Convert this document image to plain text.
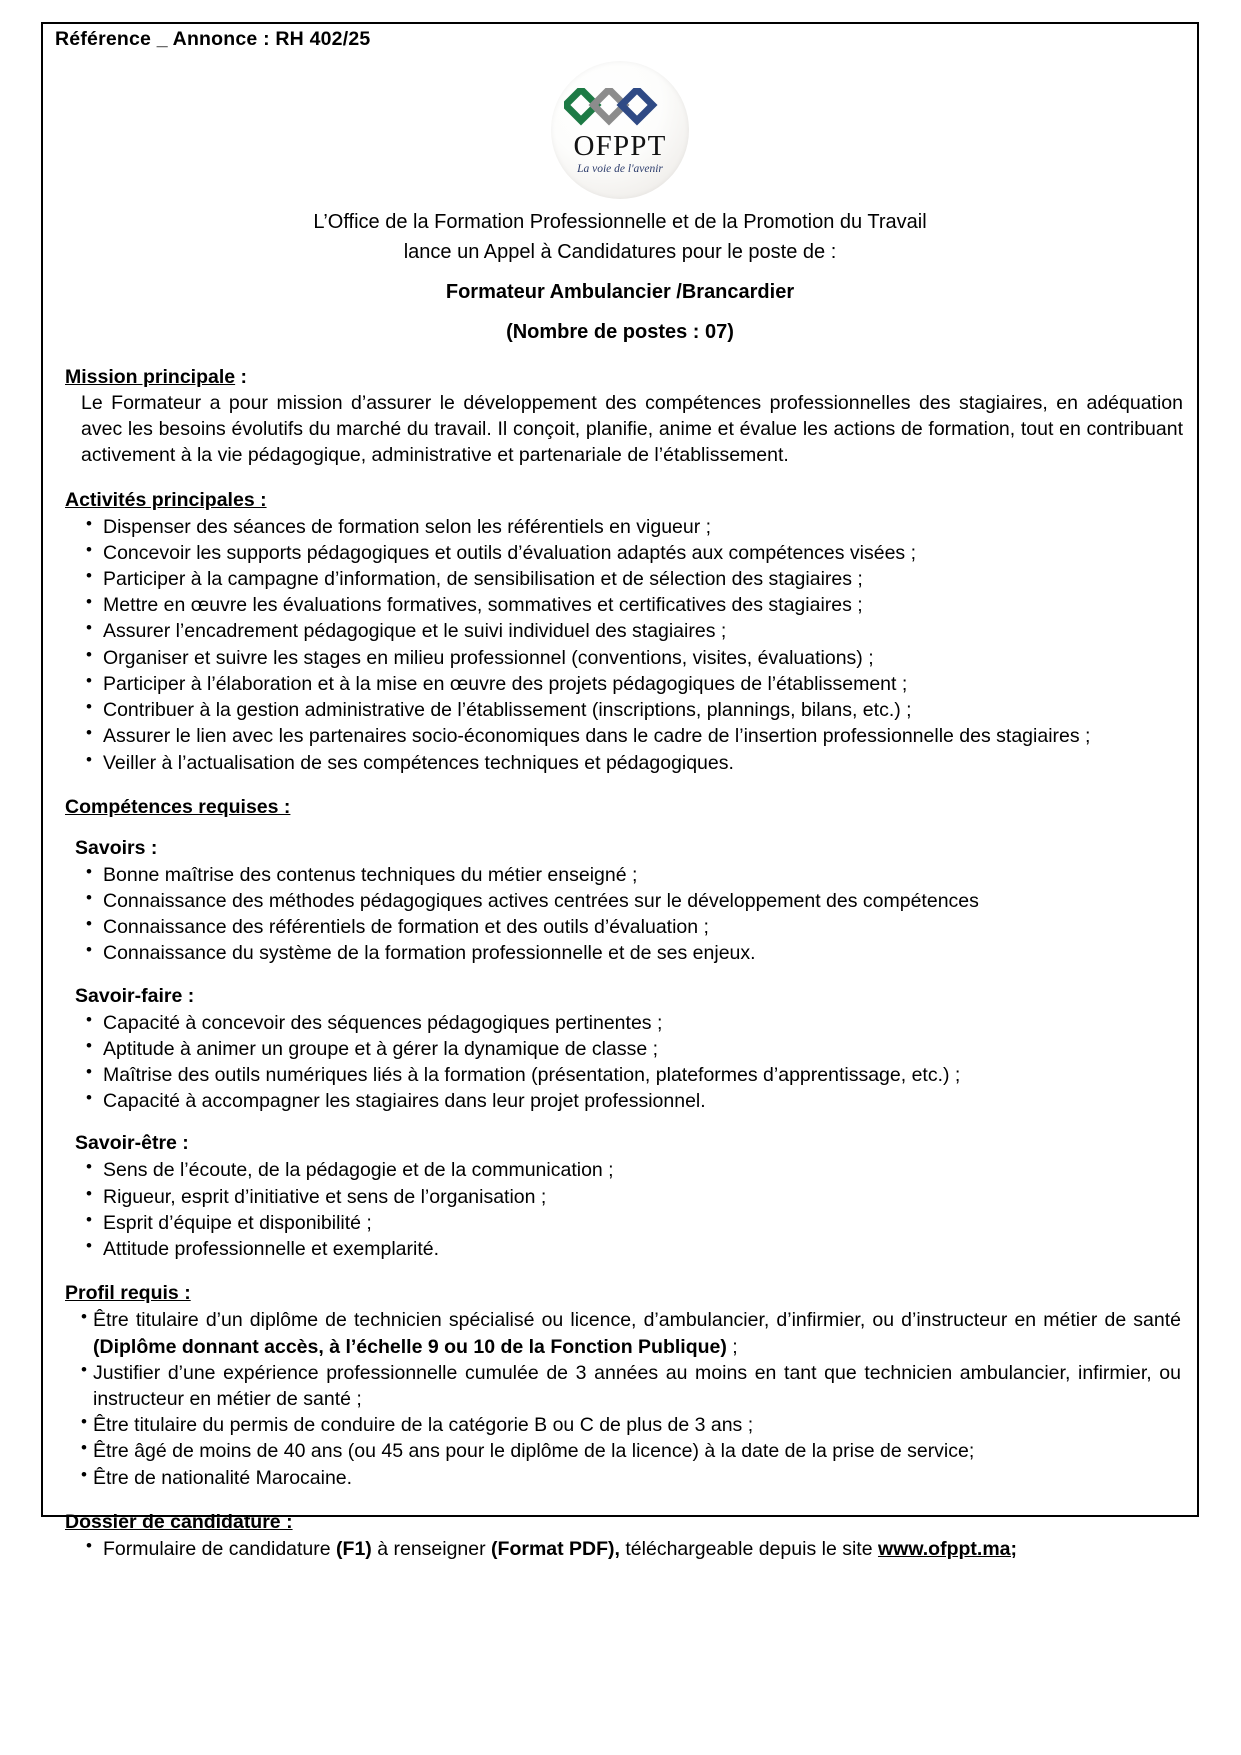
Référence _ Annonce : RH 402/25
OFPPT
La voie de l'avenir
L’Office de la Formation Professionnelle et de la Promotion du Travail
lance un Appel à Candidatures pour le poste de :
Formateur Ambulancier /Brancardier
(Nombre de postes : 07)
Mission principale :
Le Formateur a pour mission d’assurer le développement des compétences professionnelles des stagiaires, en adéquation avec les besoins évolutifs du marché du travail. Il conçoit, planifie, anime et évalue les actions de formation, tout en contribuant activement à la vie pédagogique, administrative et partenariale de l’établissement.
Activités principales :
• Dispenser des séances de formation selon les référentiels en vigueur ;
• Concevoir les supports pédagogiques et outils d’évaluation adaptés aux compétences visées ;
• Participer à la campagne d’information, de sensibilisation et de sélection des stagiaires ;
• Mettre en œuvre les évaluations formatives, sommatives et certificatives des stagiaires ;
• Assurer l’encadrement pédagogique et le suivi individuel des stagiaires ;
• Organiser et suivre les stages en milieu professionnel (conventions, visites, évaluations) ;
• Participer à l’élaboration et à la mise en œuvre des projets pédagogiques de l’établissement ;
• Contribuer à la gestion administrative de l’établissement (inscriptions, plannings, bilans, etc.) ;
• Assurer le lien avec les partenaires socio-économiques dans le cadre de l’insertion professionnelle des stagiaires ;
• Veiller à l’actualisation de ses compétences techniques et pédagogiques.
Compétences requises :
Savoirs :
• Bonne maîtrise des contenus techniques du métier enseigné ;
• Connaissance des méthodes pédagogiques actives centrées sur le développement des compétences
• Connaissance des référentiels de formation et des outils d’évaluation ;
• Connaissance du système de la formation professionnelle et de ses enjeux.
Savoir-faire :
• Capacité à concevoir des séquences pédagogiques pertinentes ;
• Aptitude à animer un groupe et à gérer la dynamique de classe ;
• Maîtrise des outils numériques liés à la formation (présentation, plateformes d’apprentissage, etc.) ;
• Capacité à accompagner les stagiaires dans leur projet professionnel.
Savoir-être :
• Sens de l’écoute, de la pédagogie et de la communication ;
• Rigueur, esprit d’initiative et sens de l’organisation ;
• Esprit d’équipe et disponibilité ;
• Attitude professionnelle et exemplarité.
Profil requis :
• Être titulaire d’un diplôme de technicien spécialisé ou licence, d’ambulancier, d’infirmier, ou d’instructeur en métier de santé (Diplôme donnant accès, à l’échelle 9 ou 10 de la Fonction Publique) ;
• Justifier d’une expérience professionnelle cumulée de 3 années au moins en tant que technicien ambulancier, infirmier, ou instructeur en métier de santé ;
• Être titulaire du permis de conduire de la catégorie B ou C de plus de 3 ans ;
• Être âgé de moins de 40 ans (ou 45 ans pour le diplôme de la licence) à la date de la prise de service;
• Être de nationalité Marocaine.
Dossier de candidature :
• Formulaire de candidature (F1) à renseigner (Format PDF), téléchargeable depuis le site www.ofppt.ma;
